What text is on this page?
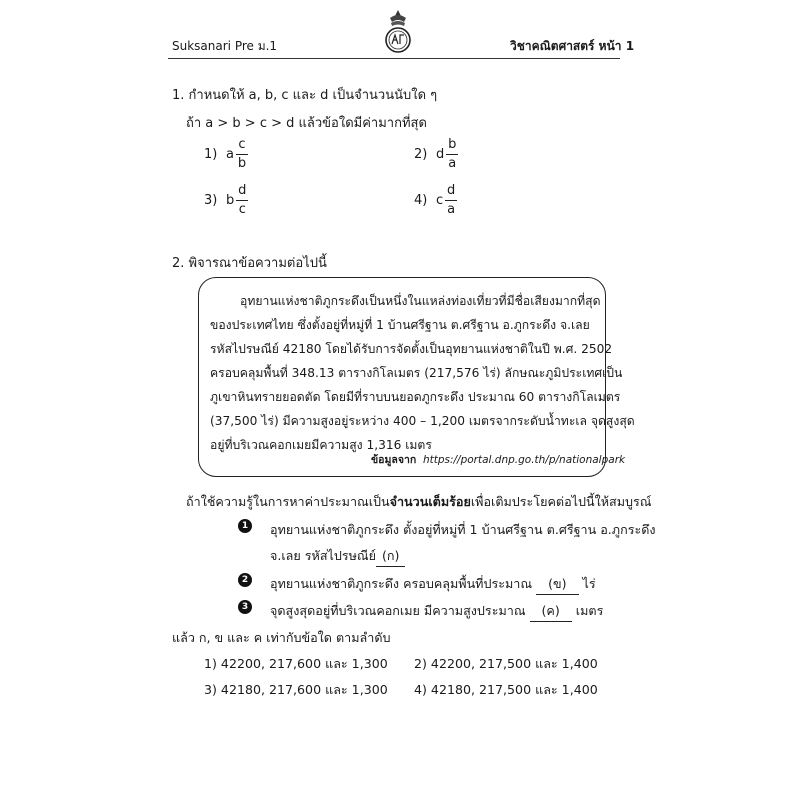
Suksanari Pre ม.1	วิชาคณิตศาสตร์ หน้า 1
1. กำหนดให้ a, b, c และ d เป็นจำนวนนับใด ๆ
ถ้า a > b > c > d แล้วข้อใดมีค่ามากที่สุด
1) a
c
b
2) d
b
a
3) b
d
c
4) c
d
a
2. พิจารณาข้อความต่อไปนี้
อุทยานแห่งชาติภูกระดึงเป็นหนึ่งในแหล่งท่องเที่ยวที่มีชื่อเสียงมากที่สุด
ของประเทศไทย ซึ่งตั้งอยู่ที่หมู่ที่ 1 บ้านศรีฐาน ต.ศรีฐาน อ.ภูกระดึง จ.เลย
รหัสไปรษณีย์ 42180 โดยได้รับการจัดตั้งเป็นอุทยานแห่งชาติในปี พ.ศ. 2502
ครอบคลุมพื้นที่ 348.13 ตารางกิโลเมตร (217,576 ไร่) ลักษณะภูมิประเทศเป็น
ภูเขาหินทรายยอดตัด โดยมีที่ราบบนยอดภูกระดึง ประมาณ 60 ตารางกิโลเมตร
(37,500 ไร่) มีความสูงอยู่ระหว่าง 400 – 1,200 เมตรจากระดับน้ำทะเล จุดสูงสุด
อยู่ที่บริเวณคอกเมยมีความสูง 1,316 เมตร
ข้อมูลจาก https://portal.dnp.go.th/p/nationalpark
ถ้าใช้ความรู้ในการหาค่าประมาณเป็นจำนวนเต็มร้อยเพื่อเติมประโยคต่อไปนี้ให้สมบูรณ์
1	อุทยานแห่งชาติภูกระดึง ตั้งอยู่ที่หมู่ที่ 1 บ้านศรีฐาน ต.ศรีฐาน อ.ภูกระดึง
จ.เลย รหัสไปรษณีย์ (ก)
2	อุทยานแห่งชาติภูกระดึง ครอบคลุมพื้นที่ประมาณ (ข) ไร่
3	จุดสูงสุดอยู่ที่บริเวณคอกเมย มีความสูงประมาณ (ค) เมตร
แล้ว ก, ข และ ค เท่ากับข้อใด ตามลำดับ
1) 42200, 217,600 และ 1,300 2) 42200, 217,500 และ 1,400
3) 42180, 217,600 และ 1,300 4) 42180, 217,500 และ 1,400
